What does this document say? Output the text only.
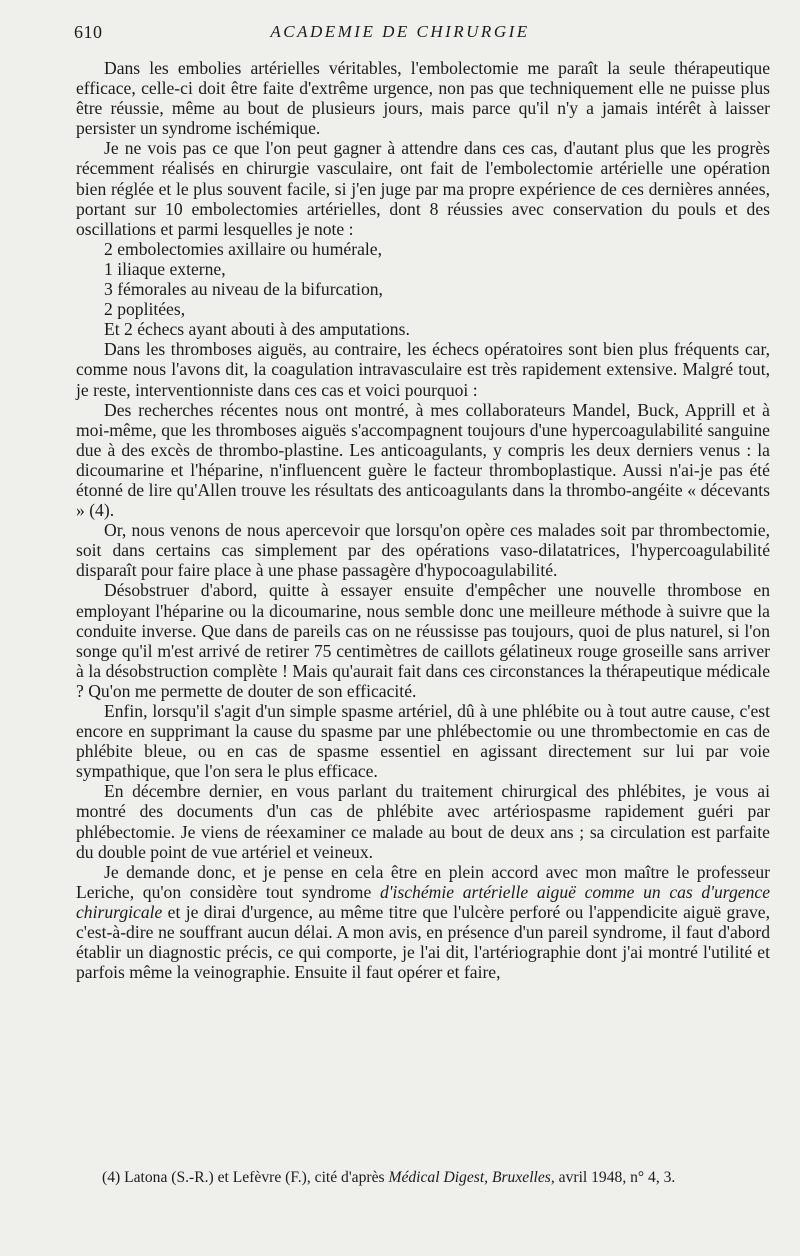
610	ACADEMIE DE CHIRURGIE

Dans les embolies artérielles véritables, l'embolectomie me paraît la seule thérapeutique efficace, celle-ci doit être faite d'extrême urgence, non pas que techniquement elle ne puisse plus être réussie, même au bout de plusieurs jours, mais parce qu'il n'y a jamais intérêt à laisser persister un syndrome ischémique.

Je ne vois pas ce que l'on peut gagner à attendre dans ces cas, d'autant plus que les progrès récemment réalisés en chirurgie vasculaire, ont fait de l'embolectomie artérielle une opération bien réglée et le plus souvent facile, si j'en juge par ma propre expérience de ces dernières années, portant sur 10 embolectomies artérielles, dont 8 réussies avec conservation du pouls et des oscillations et parmi lesquelles je note :

2 embolectomies axillaire ou humérale,

1 iliaque externe,

3 fémorales au niveau de la bifurcation,

2 poplitées,

Et 2 échecs ayant abouti à des amputations.

Dans les thromboses aiguës, au contraire, les échecs opératoires sont bien plus fréquents car, comme nous l'avons dit, la coagulation intravasculaire est très rapidement extensive. Malgré tout, je reste, interventionniste dans ces cas et voici pourquoi :

Des recherches récentes nous ont montré, à mes collaborateurs Mandel, Buck, Apprill et à moi-même, que les thromboses aiguës s'accompagnent toujours d'une hypercoagulabilité sanguine due à des excès de thrombo-plastine. Les anticoagulants, y compris les deux derniers venus : la dicoumarine et l'héparine, n'influencent guère le facteur thromboplastique. Aussi n'ai-je pas été étonné de lire qu'Allen trouve les résultats des anticoagulants dans la thrombo-angéite « décevants » (4).

Or, nous venons de nous apercevoir que lorsqu'on opère ces malades soit par thrombectomie, soit dans certains cas simplement par des opérations vaso-dilatatrices, l'hypercoagulabilité disparaît pour faire place à une phase passagère d'hypocoagulabilité.

Désobstruer d'abord, quitte à essayer ensuite d'empêcher une nouvelle thrombose en employant l'héparine ou la dicoumarine, nous semble donc une meilleure méthode à suivre que la conduite inverse. Que dans de pareils cas on ne réussisse pas toujours, quoi de plus naturel, si l'on songe qu'il m'est arrivé de retirer 75 centimètres de caillots gélatineux rouge groseille sans arriver à la désobstruction complète ! Mais qu'aurait fait dans ces circonstances la thérapeutique médicale ? Qu'on me permette de douter de son efficacité.

Enfin, lorsqu'il s'agit d'un simple spasme artériel, dû à une phlébite ou à tout autre cause, c'est encore en supprimant la cause du spasme par une phlébectomie ou une thrombectomie en cas de phlébite bleue, ou en cas de spasme essentiel en agissant directement sur lui par voie sympathique, que l'on sera le plus efficace.

En décembre dernier, en vous parlant du traitement chirurgical des phlébites, je vous ai montré des documents d'un cas de phlébite avec artériospasme rapidement guéri par phlébectomie. Je viens de réexaminer ce malade au bout de deux ans ; sa circulation est parfaite du double point de vue artériel et veineux.

Je demande donc, et je pense en cela être en plein accord avec mon maître le professeur Leriche, qu'on considère tout syndrome d'ischémie artérielle aiguë comme un cas d'urgence chirurgicale et je dirai d'urgence, au même titre que l'ulcère perforé ou l'appendicite aiguë grave, c'est-à-dire ne souffrant aucun délai. A mon avis, en présence d'un pareil syndrome, il faut d'abord établir un diagnostic précis, ce qui comporte, je l'ai dit, l'artériographie dont j'ai montré l'utilité et parfois même la veinographie. Ensuite il faut opérer et faire,

(4) Latona (S.-R.) et Lefèvre (F.), cité d'après Médical Digest, Bruxelles, avril 1948, n° 4, 3.
